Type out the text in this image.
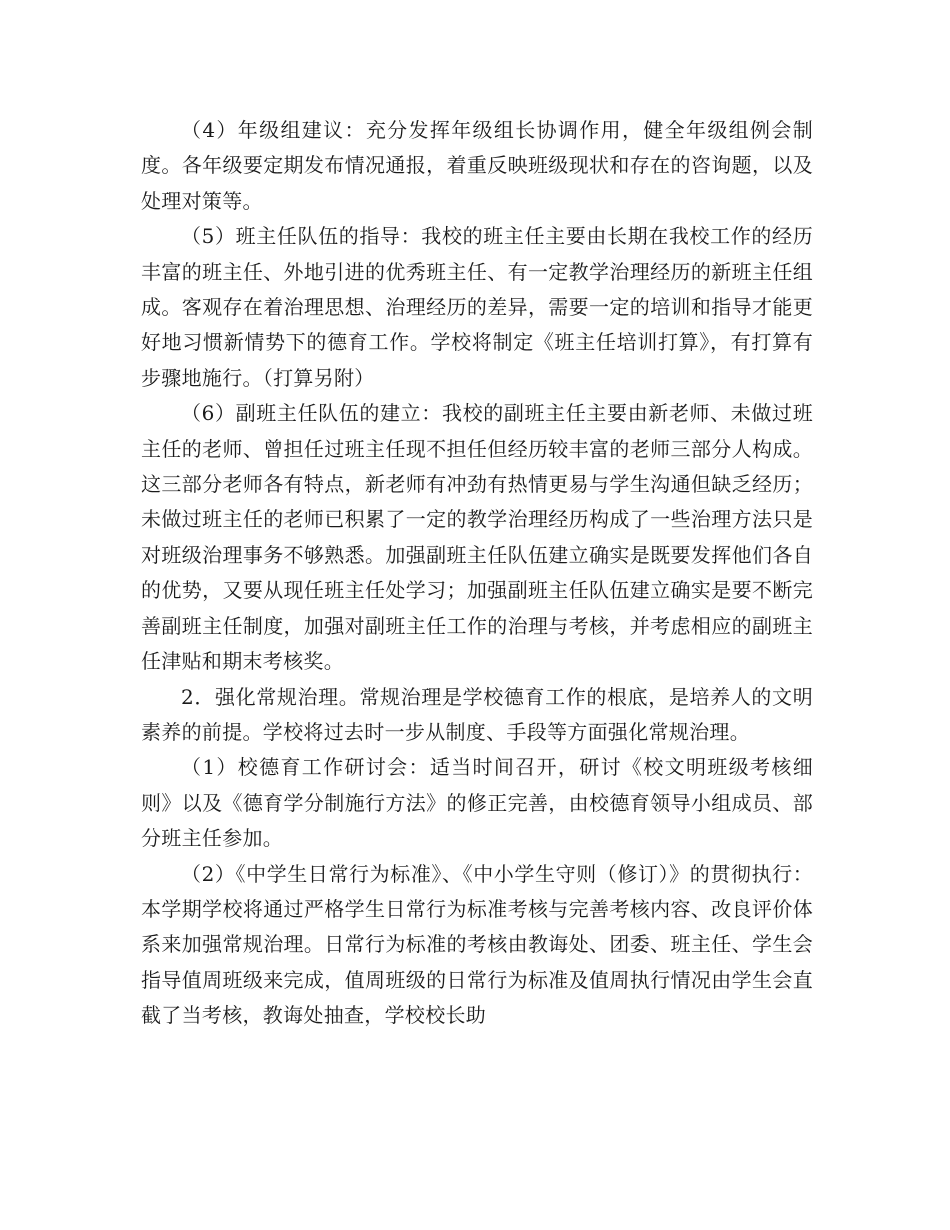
（4）年级组建议：充分发挥年级组长协调作用，健全年级组例会制度。各年级要定期发布情况通报，着重反映班级现状和存在的咨询题，以及处理对策等。

（5）班主任队伍的指导：我校的班主任主要由长期在我校工作的经历丰富的班主任、外地引进的优秀班主任、有一定教学治理经历的新班主任组成。客观存在着治理思想、治理经历的差异，需要一定的培训和指导才能更好地习惯新情势下的德育工作。学校将制定《班主任培训打算》，有打算有步骤地施行。（打算另附）

（6）副班主任队伍的建立：我校的副班主任主要由新老师、未做过班主任的老师、曾担任过班主任现不担任但经历较丰富的老师三部分人构成。这三部分老师各有特点，新老师有冲劲有热情更易与学生沟通但缺乏经历；未做过班主任的老师已积累了一定的教学治理经历构成了一些治理方法只是对班级治理事务不够熟悉。加强副班主任队伍建立确实是既要发挥他们各自的优势，又要从现任班主任处学习；加强副班主任队伍建立确实是要不断完善副班主任制度，加强对副班主任工作的治理与考核，并考虑相应的副班主任津贴和期末考核奖。

2．强化常规治理。常规治理是学校德育工作的根底，是培养人的文明素养的前提。学校将过去时一步从制度、手段等方面强化常规治理。

（1）校德育工作研讨会：适当时间召开，研讨《校文明班级考核细则》以及《德育学分制施行方法》的修正完善，由校德育领导小组成员、部分班主任参加。

（2）《中学生日常行为标准》、《中小学生守则（修订）》的贯彻执行：本学期学校将通过严格学生日常行为标准考核与完善考核内容、改良评价体系来加强常规治理。日常行为标准的考核由教诲处、团委、班主任、学生会指导值周班级来完成，值周班级的日常行为标准及值周执行情况由学生会直截了当考核，教诲处抽查，学校校长助
